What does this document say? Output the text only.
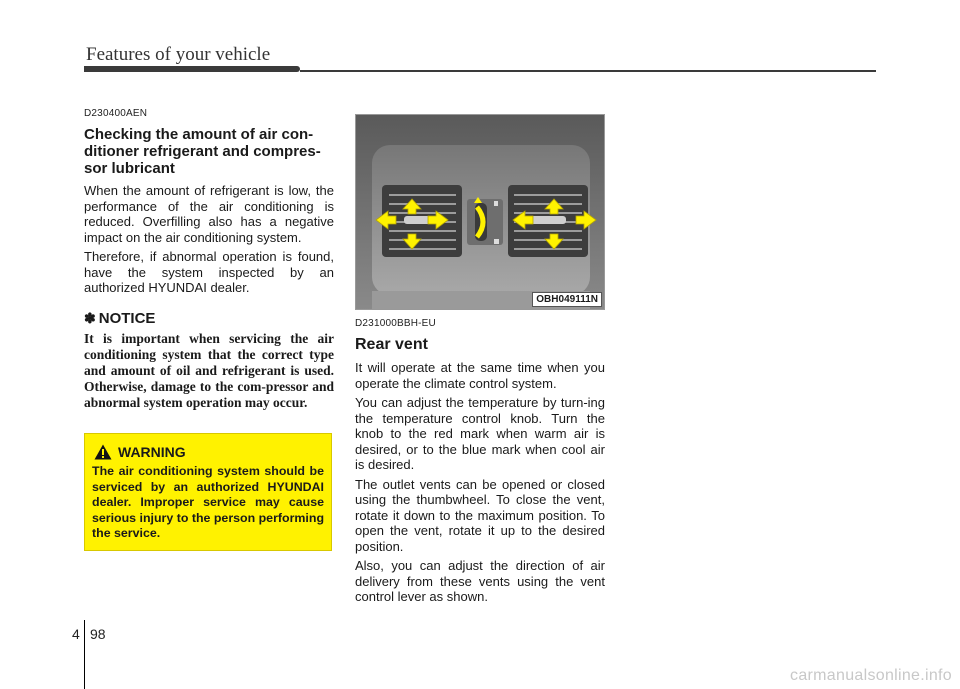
Features of your vehicle

D230400AEN

Checking the amount of air con-ditioner refrigerant and compres-sor lubricant

When the amount of refrigerant is low, the performance of the air conditioning is reduced. Overfilling also has a negative impact on the air conditioning system.

Therefore, if abnormal operation is found, have the system inspected by an authorized HYUNDAI dealer.

✽ NOTICE

It is important when servicing the air conditioning system that the correct type and amount of oil and refrigerant is used. Otherwise, damage to the com-pressor and abnormal system operation may occur.

WARNING

The air conditioning system should be serviced by an authorized HYUNDAI dealer. Improper service may cause serious injury to the person performing the service.

OBH049111N

D231000BBH-EU

Rear vent

It will operate at the same time when you operate the climate control system.

You can adjust the temperature by turn-ing the temperature control knob. Turn the knob to the red mark when warm air is desired, or to the blue mark when cool air is desired.

The outlet vents can be opened or closed using the thumbwheel. To close the vent, rotate it down to the maximum position. To open the vent, rotate it up to the desired position.

Also, you can adjust the direction of air delivery from these vents using the vent control lever as shown.

4 98
carmanualsonline.info
